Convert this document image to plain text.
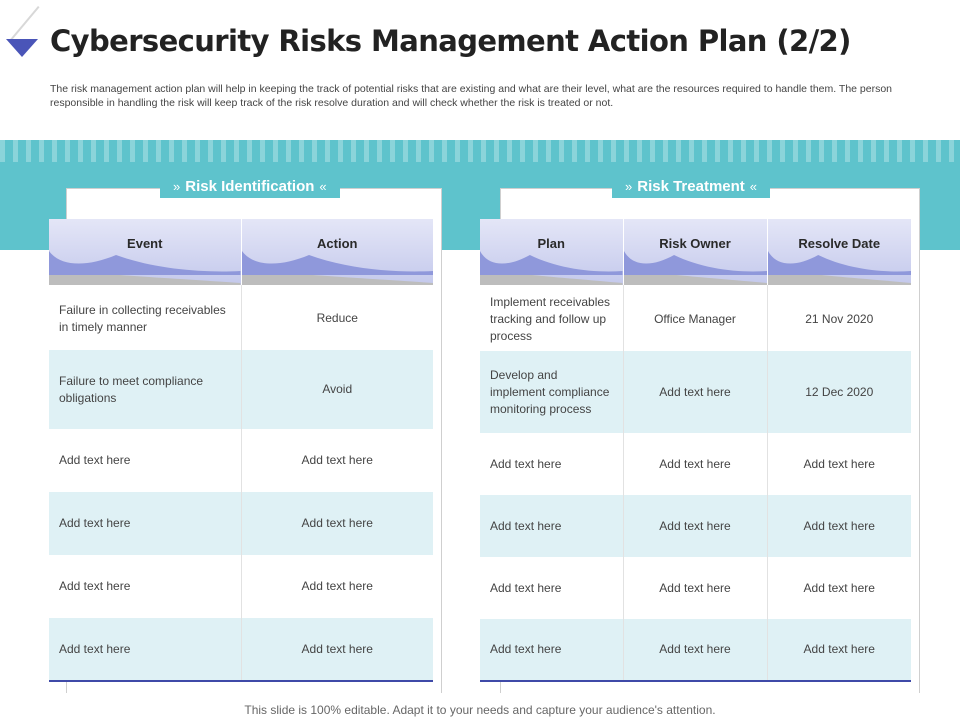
Cybersecurity Risks Management Action Plan (2/2)
The risk management action plan will help in keeping the track of potential risks that are existing and what are their level, what are the resources required to handle them. The person responsible in handling the risk will keep track of the risk resolve duration and will check whether the risk is treated or not.
» Risk Identification «	» Risk Treatment «
Event	Action

Failure in collecting receivables in timely manner	Reduce
Failure to meet compliance obligations	Avoid
Add text here	Add text here
Add text here	Add text here
Add text here	Add text here
Add text here	Add text here
Plan	Risk Owner	Resolve Date

Implement receivables tracking and follow up process	Office Manager	21 Nov 2020
Develop and implement compliance monitoring process	Add text here	12 Dec 2020
Add text here	Add text here	Add text here
Add text here	Add text here	Add text here
Add text here	Add text here	Add text here
Add text here	Add text here	Add text here
This slide is 100% editable. Adapt it to your needs and capture your audience's attention.
